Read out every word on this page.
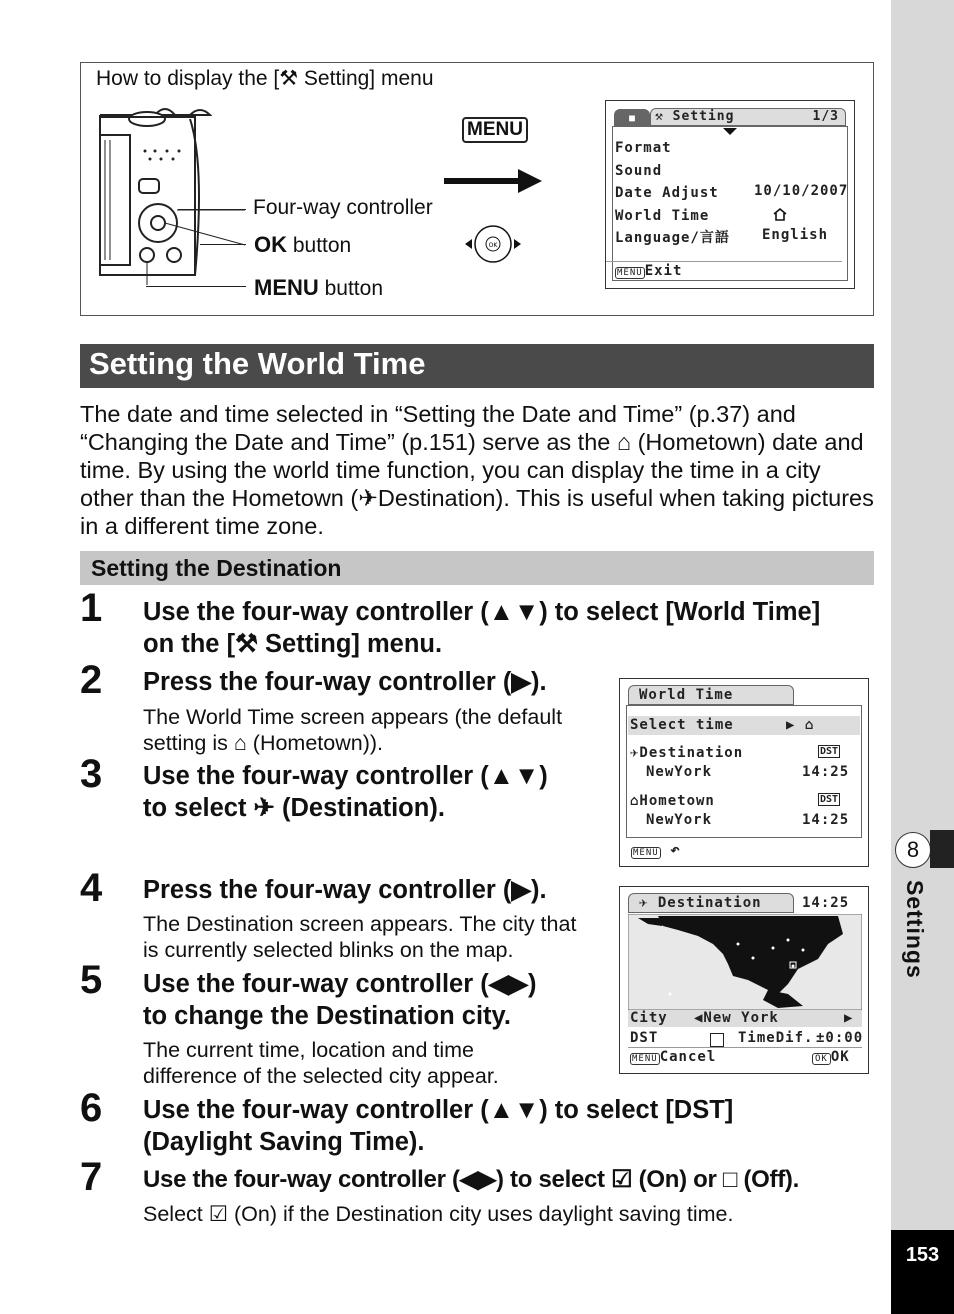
8
Settings
153
How to display the [⚒ Setting] menu
Four-way controller
OK button
MENU button
MENU
OK
■	⚒ Setting	1/3
Format
Sound
Date Adjust
World Time
Language/言語
10/10/2007
English
MENU Exit
Setting the World Time
The date and time selected in “Setting the Date and Time” (p.37) and “Changing the Date and Time” (p.151) serve as the ⌂ (Hometown) date and time. By using the world time function, you can display the time in a city other than the Hometown (✈Destination). This is useful when taking pictures in a different time zone.
Setting the Destination
1 Use the four-way controller (▲▼) to select [World Time]
on the [⚒ Setting] menu.
2 Press the four-way controller (▶).
The World Time screen appears (the default
setting is ⌂ (Hometown)).
3 Use the four-way controller (▲▼)
to select ✈ (Destination).
4 Press the four-way controller (▶).
The Destination screen appears. The city that
is currently selected blinks on the map.
5 Use the four-way controller (◀▶)
to change the Destination city.
The current time, location and time
difference of the selected city appear.
6 Use the four-way controller (▲▼) to select [DST]
(Daylight Saving Time).
7 Use the four-way controller (◀▶) to select ☑ (On) or □ (Off).
Select ☑ (On) if the Destination city uses daylight saving time.
World Time
Select time	▶ ⌂
✈Destination
NewYork	14:25
DST
⌂Hometown
NewYork	14:25
DST
MENU ↶
✈ Destination	14:25
City ◀New York	▶
DST	TimeDif. ±0:00
MENU Cancel	OK OK
